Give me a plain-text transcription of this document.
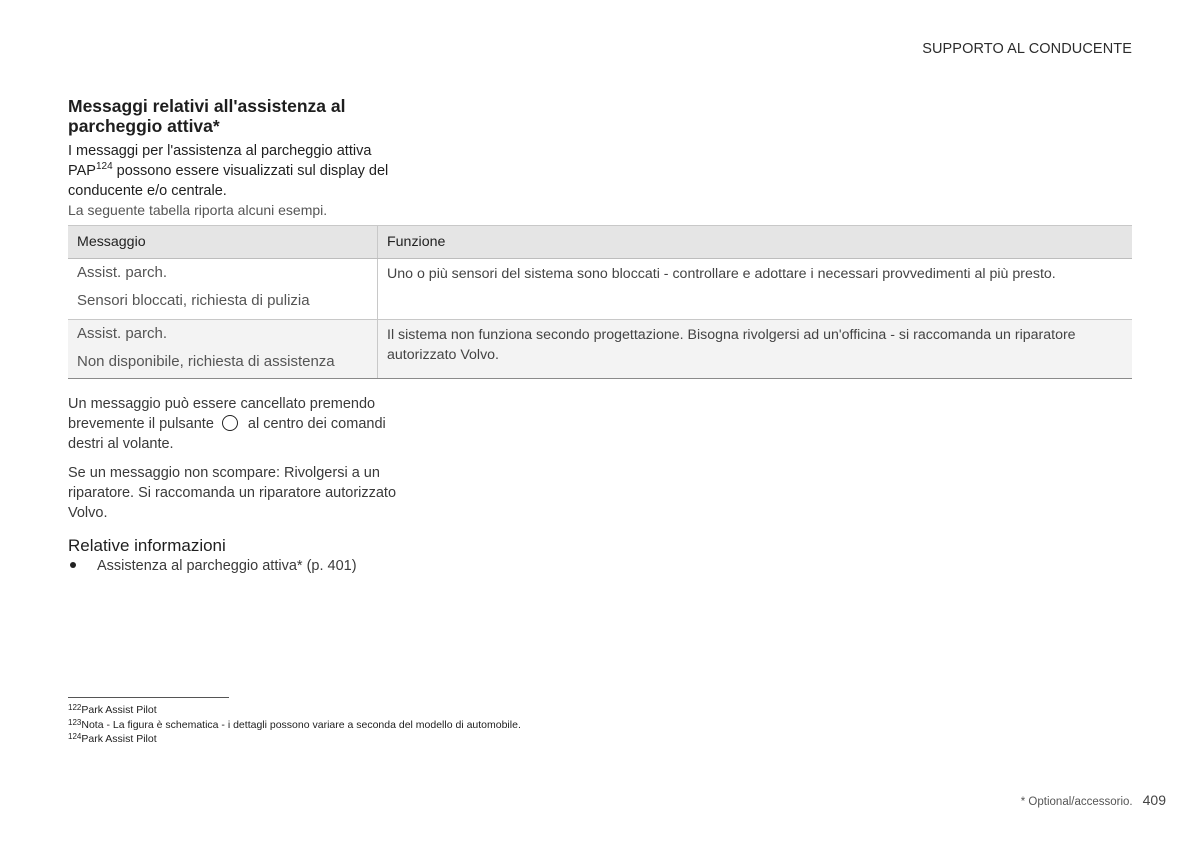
SUPPORTO AL CONDUCENTE
Messaggi relativi all'assistenza al parcheggio attiva*

I messaggi per l'assistenza al parcheggio attiva PAP$^{124}$ possono essere visualizzati sul display del conducente e/o centrale.

La seguente tabella riporta alcuni esempi.

Messaggio	Funzione

Assist. parch.
Sensori bloccati, richiesta di pulizia	Uno o più sensori del sistema sono bloccati - controllare e adottare i necessari provvedimenti al più presto.

Assist. parch.
Non disponibile, richiesta di assistenza	Il sistema non funziona secondo progettazione. Bisogna rivolgersi ad un'officina - si raccomanda un riparatore autorizzato Volvo.

Un messaggio può essere cancellato premendo brevemente il pulsante al centro dei comandi destri al volante.

Se un messaggio non scompare: Rivolgersi a un riparatore. Si raccomanda un riparatore autorizzato Volvo.

Relative informazioni
Assistenza al parcheggio attiva* (p. 401)
$^{122}$Park Assist Pilot
$^{123}$Nota - La figura è schematica - i dettagli possono variare a seconda del modello di automobile.
$^{124}$Park Assist Pilot
* Optional/accessorio. 409
